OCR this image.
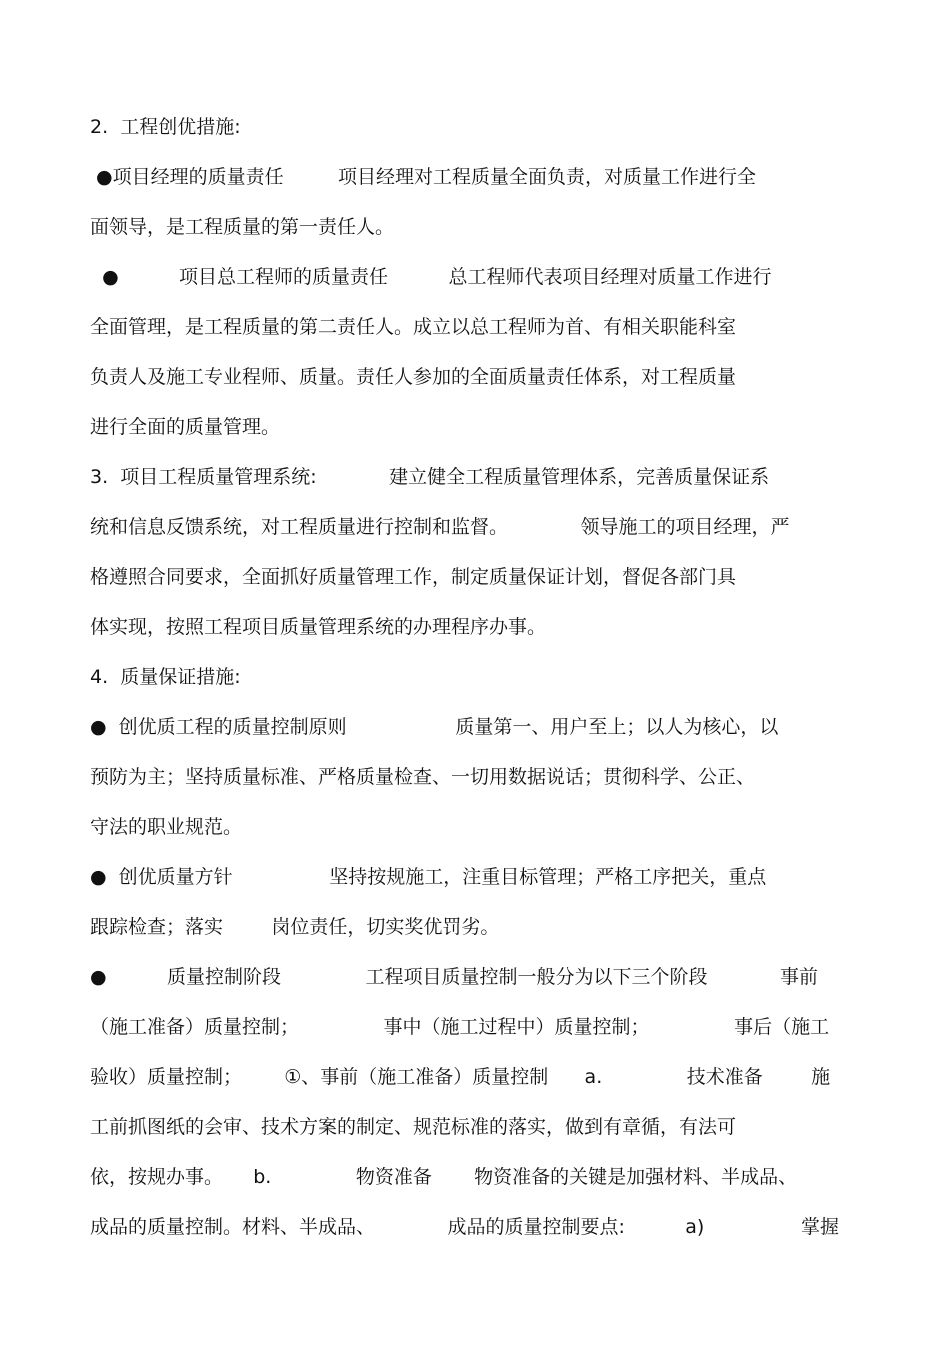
2.  工程创优措施:
●项目经理的质量责任         项目经理对工程质量全面负责，对质量工作进行全
面领导，是工程质量的第一责任人。
●          项目总工程师的质量责任          总工程师代表项目经理对质量工作进行
全面管理，是工程质量的第二责任人。成立以总工程师为首、有相关职能科室
负责人及施工专业程师、质量。责任人参加的全面质量责任体系，对工程质量
进行全面的质量管理。
3.  项目工程质量管理系统:            建立健全工程质量管理体系，完善质量保证系
统和信息反馈系统，对工程质量进行控制和监督。            领导施工的项目经理，严
格遵照合同要求，全面抓好质量管理工作，制定质量保证计划，督促各部门具
体实现，按照工程项目质量管理系统的办理程序办事。
4.  质量保证措施:
●  创优质工程的质量控制原则                  质量第一、用户至上；以人为核心，以
预防为主；坚持质量标准、严格质量检查、一切用数据说话；贯彻科学、公正、
守法的职业规范。
●  创优质量方针                坚持按规施工，注重目标管理；严格工序把关，重点
跟踪检查；落实        岗位责任，切实奖优罚劣。
●          质量控制阶段              工程项目质量控制一般分为以下三个阶段            事前
（施工准备）质量控制；              事中（施工过程中）质量控制；              事后（施工
验收）质量控制；       ①、事前（施工准备）质量控制      a.              技术准备        施
工前抓图纸的会审、技术方案的制定、规范标准的落实，做到有章循，有法可
依，按规办事。     b.              物资准备       物资准备的关键是加强材料、半成品、
成品的质量控制。材料、半成品、            成品的质量控制要点:          a)                掌握
